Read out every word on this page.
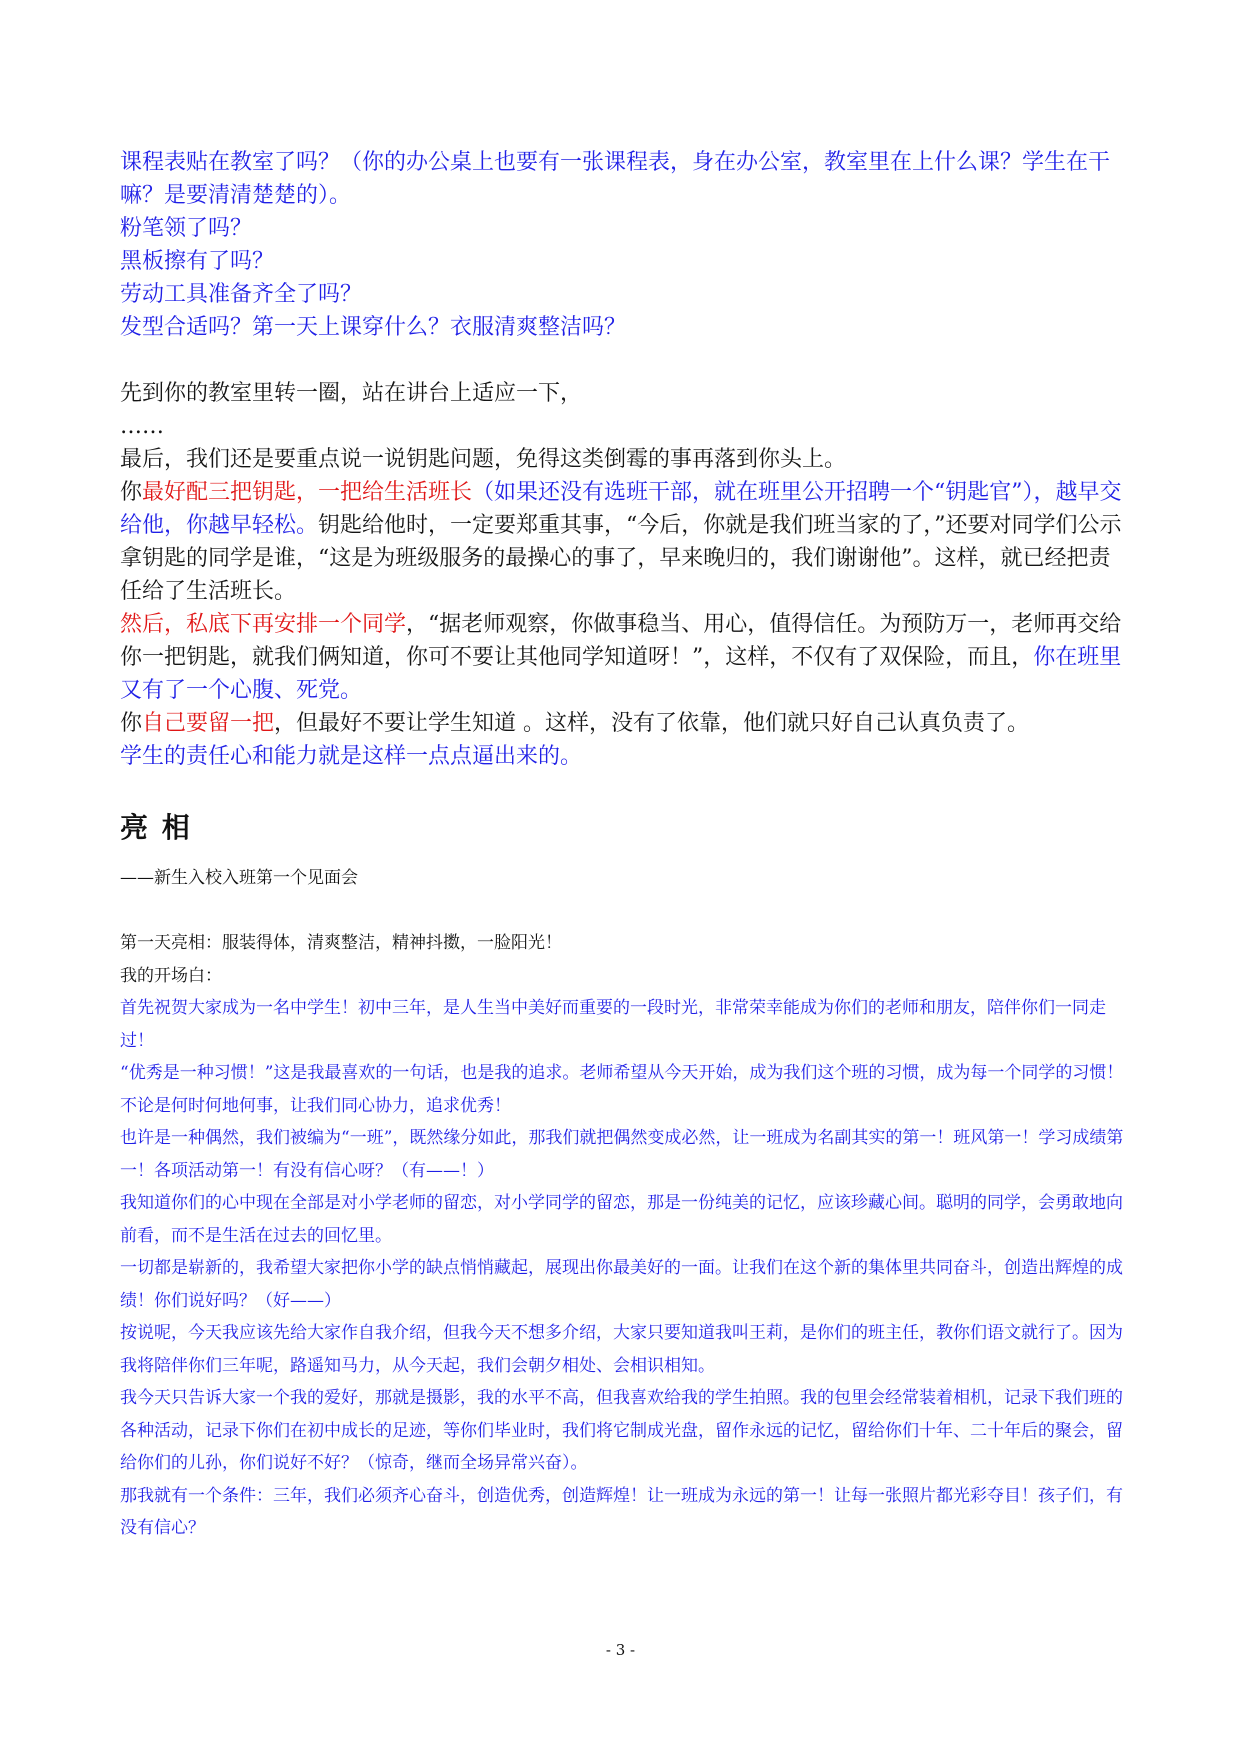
课程表贴在教室了吗？（你的办公桌上也要有一张课程表，身在办公室，教室里在上什么课？学生在干嘛？是要清清楚楚的）。

粉笔领了吗？

黑板擦有了吗？

劳动工具准备齐全了吗？

发型合适吗？第一天上课穿什么？衣服清爽整洁吗？

先到你的教室里转一圈，站在讲台上适应一下，

……

最后，我们还是要重点说一说钥匙问题，免得这类倒霉的事再落到你头上。

你最好配三把钥匙，一把给生活班长（如果还没有选班干部，就在班里公开招聘一个“钥匙官”），越早交给他，你越早轻松。钥匙给他时，一定要郑重其事，“今后，你就是我们班当家的了，”还要对同学们公示拿钥匙的同学是谁，“这是为班级服务的最操心的事了，早来晚归的，我们谢谢他”。这样，就已经把责任给了生活班长。

然后，私底下再安排一个同学，“据老师观察，你做事稳当、用心，值得信任。为预防万一，老师再交给你一把钥匙，就我们俩知道，你可不要让其他同学知道呀！”，这样，不仅有了双保险，而且，你在班里又有了一个心腹、死党。

你自己要留一把，但最好不要让学生知道 。这样，没有了依靠，他们就只好自己认真负责了。

学生的责任心和能力就是这样一点点逼出来的。

亮 相

——新生入校入班第一个见面会

第一天亮相：服装得体，清爽整洁，精神抖擞，一脸阳光！

我的开场白：

首先祝贺大家成为一名中学生！初中三年，是人生当中美好而重要的一段时光，非常荣幸能成为你们的老师和朋友，陪伴你们一同走过！

“优秀是一种习惯！”这是我最喜欢的一句话，也是我的追求。老师希望从今天开始，成为我们这个班的习惯，成为每一个同学的习惯！不论是何时何地何事，让我们同心协力，追求优秀！

也许是一种偶然，我们被编为“一班”，既然缘分如此，那我们就把偶然变成必然，让一班成为名副其实的第一！班风第一！学习成绩第一！各项活动第一！有没有信心呀？（有——！）

我知道你们的心中现在全部是对小学老师的留恋，对小学同学的留恋，那是一份纯美的记忆，应该珍藏心间。聪明的同学，会勇敢地向前看，而不是生活在过去的回忆里。

一切都是崭新的，我希望大家把你小学的缺点悄悄藏起，展现出你最美好的一面。让我们在这个新的集体里共同奋斗，创造出辉煌的成绩！你们说好吗？（好——）

按说呢，今天我应该先给大家作自我介绍，但我今天不想多介绍，大家只要知道我叫王莉，是你们的班主任，教你们语文就行了。因为我将陪伴你们三年呢，路遥知马力，从今天起，我们会朝夕相处、会相识相知。

我今天只告诉大家一个我的爱好，那就是摄影，我的水平不高，但我喜欢给我的学生拍照。我的包里会经常装着相机，记录下我们班的各种活动，记录下你们在初中成长的足迹，等你们毕业时，我们将它制成光盘，留作永远的记忆，留给你们十年、二十年后的聚会，留给你们的儿孙，你们说好不好？（惊奇，继而全场异常兴奋）。

那我就有一个条件：三年，我们必须齐心奋斗，创造优秀，创造辉煌！让一班成为永远的第一！让每一张照片都光彩夺目！孩子们，有没有信心？

- 3 -
